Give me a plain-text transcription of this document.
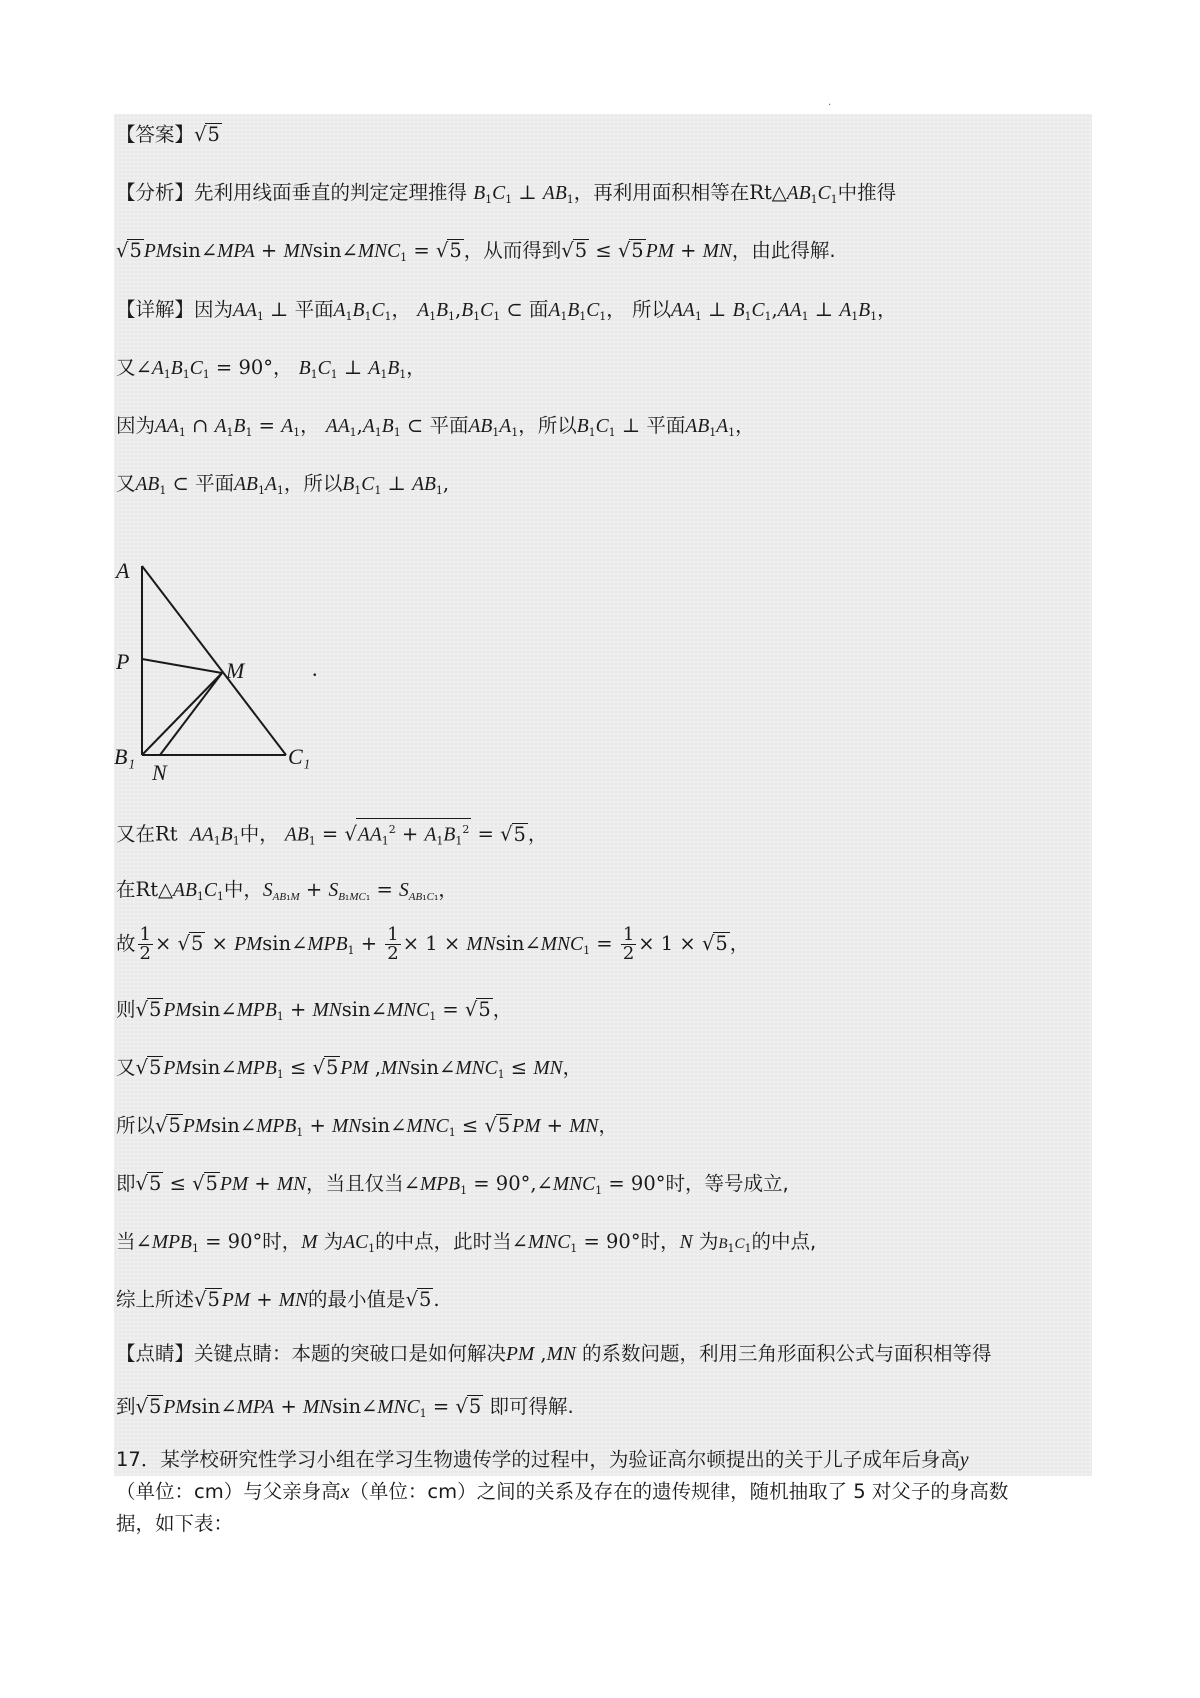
·
【答案】√5
【分析】先利用线面垂直的判定定理推得 $B_1C_1$ ⊥ $AB_1$，再利用面积相等在$Rt\triangle AB_1C_1$中推得
√5 PMsin∠MPA + $MNsin\angle MNC_1 = √5$ ，从而得到√5 ≤ √5 PM + MN，由此得解.
【详解】因为$AA_1$ ⊥ 平面$A_1B_1C_1$， $A_1B_1,B_1C_1$ ⊂ 面$A_1B_1C_1$， 所以$AA_1$ ⊥ $B_1C_1,AA_1$ ⊥ $A_1B_1$，
又$\angle A_1B_1C_1 = 90^\circ$， $B_1C_1$ ⊥ $A_1B_1$，
因为$AA_1$ ∩ $A_1B_1 = A_1$， $AA_1,A_1B_1$ ⊂ 平面$AB_1A_1$，所以$B_1C_1$ ⊥ 平面$AB_1A_1$，
又$AB_1$ ⊂ 平面$AB_1A_1$，所以$B_1C_1$ ⊥ $AB_1$,
A
P	M
B₁
N
C₁
.
又在Rt  $AA_1B_1$中， $AB_1 = √AA_1^2 + A_1B_1^2 = √5$ ，
在$Rt\triangle AB_1C_1$中，$S_{AB_1M} + S_{B_1MC_1} = S_{AB_1C_1}$，
故 $\frac{1}{2} \times √5$ × $PMsin\angle MPB_1 + \frac{1}{2} \times 1$ × $MNsin\angle MNC_1 = \frac{1}{2} \times 1 \times √5$ ，
则√5 $PMsin\angle MPB_1$ + $MNsin\angle MNC_1 = √5$ ，
又√5 $PMsin\angle MPB_1 \le √5$ PM $,MNsin\angle MNC_1$ ≤ MN，
所以√5 $PMsin\angle MPB_1$ + $MNsin\angle MNC_1 \le √5$ PM + MN，
即√5 ≤ √5 PM + MN，当且仅当$\angle MPB_1$ = $90^\circ,\angle MNC_1 = 90^\circ$时，等号成立,
当$\angle MPB_1 = 90^\circ$时，M 为$AC_1$的中点，此时当$\angle MNC_1 = 90^\circ$时，N 为$B_1C_1$的中点,
综上所述√5 PM + MN的最小值是√5 .
【点睛】关键点睛：本题的突破口是如何解决PM ,MN 的系数问题，利用三角形面积公式与面积相等得
到√5 PMsin∠MPA + $MNsin\angle MNC_1 = √5$ 即可得解.
17．某学校研究性学习小组在学习生物遗传学的过程中，为验证高尔顿提出的关于儿子成年后身高y
（单位：cm）与父亲身高x（单位：cm）之间的关系及存在的遗传规律，随机抽取了 5 对父子的身高数
据，如下表：
